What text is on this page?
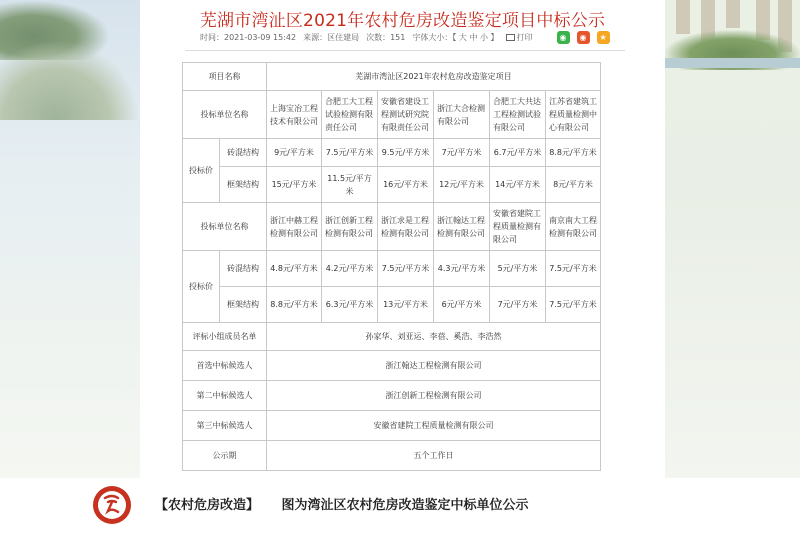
芜湖市湾沚区2021年农村危房改造鉴定项目中标公示
时间：2021-03-09 15:42 来源：区住建局 次数：151 字体大小：【 大 中 小 】	打印	◉	◉	★
项目名称		芜湖市湾沚区2021年农村危房改造鉴定项目					
投标单位名称		上海宝冶工程技术有限公司	合肥工大工程试验检测有限责任公司	安徽省建设工程测试研究院有限责任公司	浙江大合检测有限公司	合肥工大共达工程检测试验有限公司	江苏省建筑工程质量检测中心有限公司
投标价	砖混结构	9元/平方米	7.5元/平方米	9.5元/平方米	7元/平方米	6.7元/平方米	8.8元/平方米
	框架结构	15元/平方米	11.5元/平方米	16元/平方米	12元/平方米	14元/平方米	8元/平方米
投标单位名称		浙江中赫工程检测有限公司	浙江创新工程检测有限公司	浙江求是工程检测有限公司	浙江翰达工程检测有限公司	安徽省建院工程质量检测有限公司	南京南大工程检测有限公司
投标价	砖混结构	4.8元/平方米	4.2元/平方米	7.5元/平方米	4.3元/平方米	5元/平方米	7.5元/平方米
	框架结构	8.8元/平方米	6.3元/平方米	13元/平方米	6元/平方米	7元/平方米	7.5元/平方米
评标小组成员名单		孙家华、刘亚运、李蓓、奚浩、李浩然					
首选中标候选人		浙江翰达工程检测有限公司					
第二中标候选人		浙江创新工程检测有限公司					
第三中标候选人		安徽省建院工程质量检测有限公司					
公示期		五个工作日					
【农村危房改造】 图为湾沚区农村危房改造鉴定中标单位公示
